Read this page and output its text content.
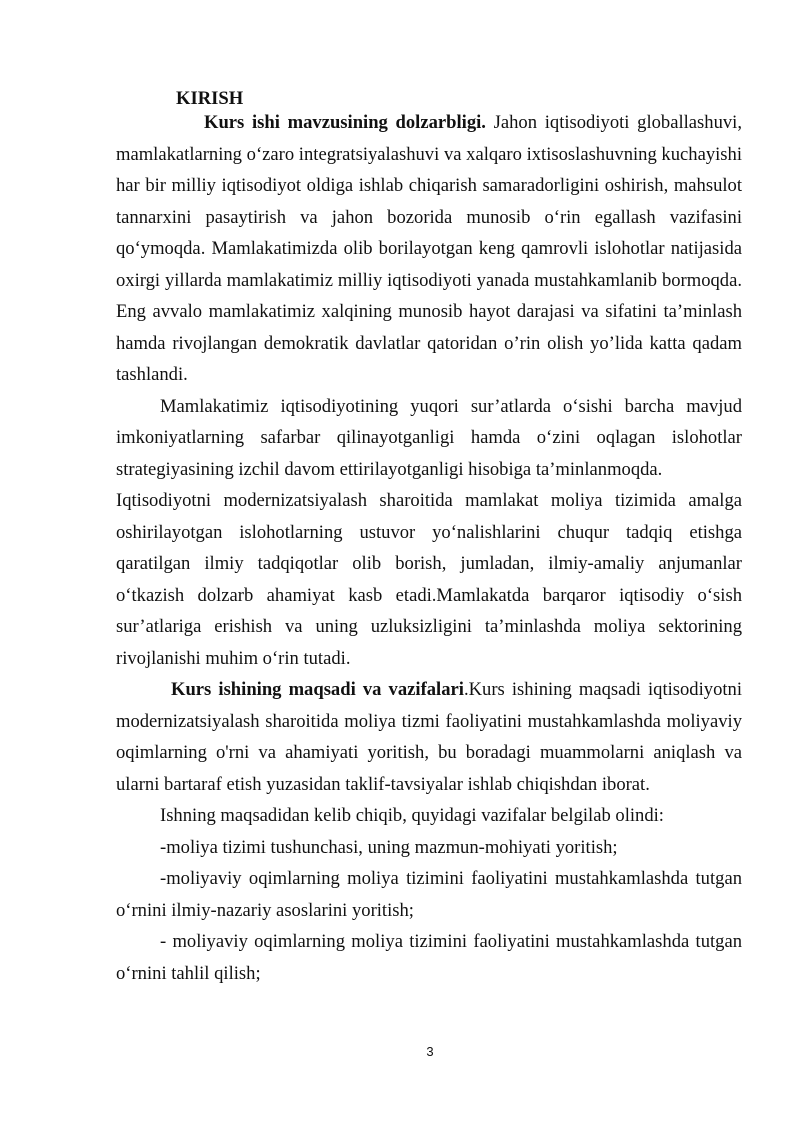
KIRISH

Kurs ishi mavzusining dolzarbligi. Jahon iqtisodiyoti globallashuvi, mamlakatlarning o‘zaro integratsiyalashuvi va xalqaro ixtisoslashuvning kuchayishi har bir milliy iqtisodiyot oldiga ishlab chiqarish samaradorligini oshirish, mahsulot tannarxini pasaytirish va jahon bozorida munosib o‘rin egallash vazifasini qo‘ymoqda. Mamlakatimizda olib borilayotgan keng qamrovli islohotlar natijasida oxirgi yillarda mamlakatimiz milliy iqtisodiyoti yanada mustahkamlanib bormoqda. Eng avvalo mamlakatimiz xalqining munosib hayot darajasi va sifatini ta’minlash hamda rivojlangan demokratik davlatlar qatoridan o’rin olish yo’lida katta qadam tashlandi.

Mamlakatimiz iqtisodiyotining yuqori sur’atlarda o‘sishi barcha mavjud imkoniyatlarning safarbar qilinayotganligi hamda o‘zini oqlagan islohotlar strategiyasining izchil davom ettirilayotganligi hisobiga ta’minlanmoqda.

Iqtisodiyotni modernizatsiyalash sharoitida mamlakat moliya tizimida amalga oshirilayotgan islohotlarning ustuvor yo‘nalishlarini chuqur tadqiq etishga qaratilgan ilmiy tadqiqotlar olib borish, jumladan, ilmiy-amaliy anjumanlar o‘tkazish dolzarb ahamiyat kasb etadi.Mamlakatda barqaror iqtisodiy o‘sish sur’atlariga erishish va uning uzluksizligini ta’minlashda moliya sektorining rivojlanishi muhim o‘rin tutadi.

Kurs ishining maqsadi va vazifalari.Kurs ishining maqsadi iqtisodiyotni modernizatsiyalash sharoitida moliya tizmi faoliyatini mustahkamlashda moliyaviy oqimlarning o'rni va ahamiyati yoritish, bu boradagi muammolarni aniqlash va ularni bartaraf etish yuzasidan taklif-tavsiyalar ishlab chiqishdan iborat.

Ishning maqsadidan kelib chiqib, quyidagi vazifalar belgilab olindi:

-moliya tizimi tushunchasi, uning mazmun-mohiyati yoritish;

-moliyaviy oqimlarning moliya tizimini faoliyatini mustahkamlashda tutgan o‘rnini ilmiy-nazariy asoslarini yoritish;

- moliyaviy oqimlarning moliya tizimini faoliyatini mustahkamlashda tutgan o‘rnini tahlil qilish;

3
